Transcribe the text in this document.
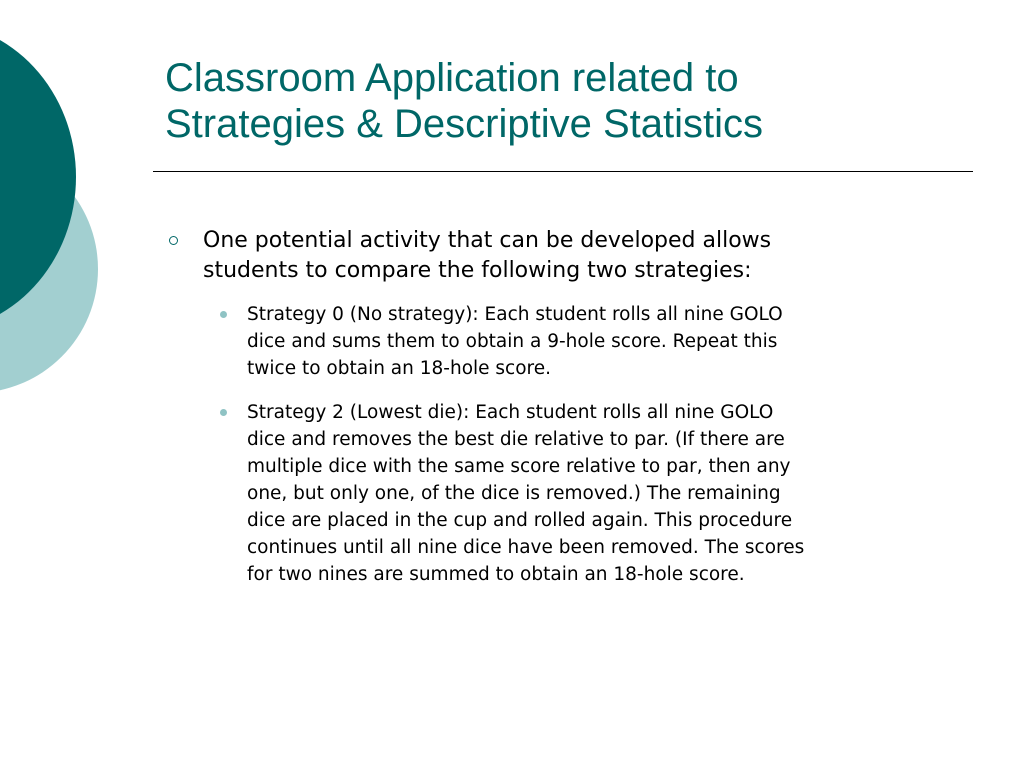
Classroom Application related to
Strategies & Descriptive Statistics
One potential activity that can be developed allows
students to compare the following two strategies:
Strategy 0 (No strategy): Each student rolls all nine GOLO
dice and sums them to obtain a 9-hole score. Repeat this
twice to obtain an 18-hole score.
Strategy 2 (Lowest die): Each student rolls all nine GOLO
dice and removes the best die relative to par. (If there are
multiple dice with the same score relative to par, then any
one, but only one, of the dice is removed.) The remaining
dice are placed in the cup and rolled again. This procedure
continues until all nine dice have been removed. The scores
for two nines are summed to obtain an 18-hole score.
